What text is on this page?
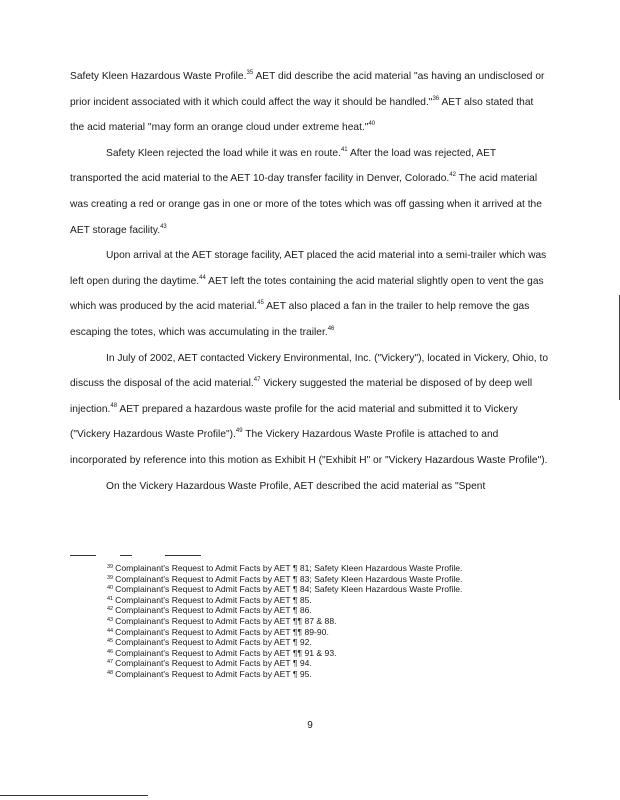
Safety Kleen Hazardous Waste Profile.$^{35}$ AET did describe the acid material "as having an undisclosed or prior incident associated with it which could affect the way it should be handled."$^{36}$ AET also stated that the acid material "may form an orange cloud under extreme heat."$^{40}$

Safety Kleen rejected the load while it was en route.$^{41}$ After the load was rejected, AET transported the acid material to the AET 10-day transfer facility in Denver, Colorado.$^{42}$ The acid material was creating a red or orange gas in one or more of the totes which was off gassing when it arrived at the AET storage facility.$^{43}$

Upon arrival at the AET storage facility, AET placed the acid material into a semi-trailer which was left open during the daytime.$^{44}$ AET left the totes containing the acid material slightly open to vent the gas which was produced by the acid material.$^{45}$ AET also placed a fan in the trailer to help remove the gas escaping the totes, which was accumulating in the trailer.$^{46}$

In July of 2002, AET contacted Vickery Environmental, Inc. ("Vickery"), located in Vickery, Ohio, to discuss the disposal of the acid material.$^{47}$ Vickery suggested the material be disposed of by deep well injection.$^{48}$ AET prepared a hazardous waste profile for the acid material and submitted it to Vickery ("Vickery Hazardous Waste Profile").$^{49}$ The Vickery Hazardous Waste Profile is attached to and incorporated by reference into this motion as Exhibit H ("Exhibit H" or "Vickery Hazardous Waste Profile").

On the Vickery Hazardous Waste Profile, AET described the acid material as "Spent

$^{39}$ Complainant's Request to Admit Facts by AET ¶ 81; Safety Kleen Hazardous Waste Profile.
$^{39}$ Complainant's Request to Admit Facts by AET ¶ 83; Safety Kleen Hazardous Waste Profile.
$^{40}$ Complainant's Request to Admit Facts by AET ¶ 84; Safety Kleen Hazardous Waste Profile.
$^{41}$ Complainant's Request to Admit Facts by AET ¶ 85.
$^{42}$ Complainant's Request to Admit Facts by AET ¶ 86.
$^{43}$ Complainant's Request to Admit Facts by AET ¶¶ 87 & 88.
$^{44}$ Complainant's Request to Admit Facts by AET ¶¶ 89-90.
$^{45}$ Complainant's Request to Admit Facts by AET ¶ 92.
$^{46}$ Complainant's Request to Admit Facts by AET ¶¶ 91 & 93.
$^{47}$ Complainant's Request to Admit Facts by AET ¶ 94.
$^{48}$ Complainant's Request to Admit Facts by AET ¶ 95.
9
